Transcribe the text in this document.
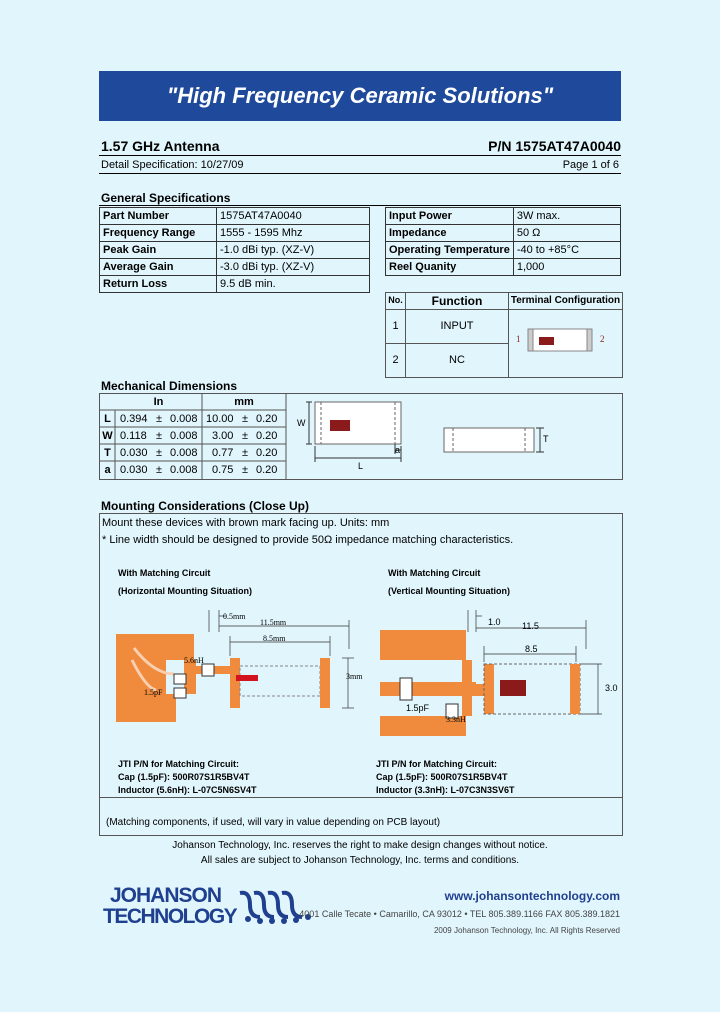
"High Frequency Ceramic Solutions"
1.57 GHz Antenna	P/N 1575AT47A0040
Detail Specification: 10/27/09	Page 1 of 6
General Specifications
Part Number	1575AT47A0040
Frequency Range	1555 - 1595 Mhz
Peak Gain	-1.0 dBi typ. (XZ-V)
Average Gain	-3.0 dBi typ. (XZ-V)
Return Loss	9.5 dB min.
Input Power	3W max.
Impedance	50 Ω
Operating Temperature	-40 to +85°C
Reel Quanity	1,000
No.	Function	Terminal Configuration
1	INPUT
2	NC
1	2
Mechanical Dimensions
In	mm
L 0.394 ± 0.008 10.00 ± 0.20
W 0.118 ± 0.008 3.00 ± 0.20
T 0.030 ± 0.008 0.77 ± 0.20
a 0.030 ± 0.008 0.75 ± 0.20
W
a
L
T
Mounting Considerations (Close Up)
Mount these devices with brown mark facing up. Units: mm
* Line width should be designed to provide 50Ω impedance matching characteristics.
With Matching Circuit
(Horizontal Mounting Situation)
0.5mm
11.5mm
8.5mm
3mm
5.6nH
1.5pF
JTI P/N for Matching Circuit:
Cap (1.5pF): 500R07S1R5BV4T
Inductor (5.6nH): L-07C5N6SV4T
With Matching Circuit
(Vertical Mounting Situation)
1.0 11.5
8.5
3.0
1.5pF
3.3nH
JTI P/N for Matching Circuit:
Cap (1.5pF): 500R07S1R5BV4T
Inductor (3.3nH): L-07C3N3SV6T
(Matching components, if used, will vary in value depending on PCB layout)
Johanson Technology, Inc. reserves the right to make design changes without notice.
All sales are subject to Johanson Technology, Inc. terms and conditions.
JOHANSON
TECHNOLOGY
www.johansontechnology.com
4001 Calle Tecate • Camarillo, CA 93012 • TEL 805.389.1166 FAX 805.389.1821
2009 Johanson Technology, Inc. All Rights Reserved
